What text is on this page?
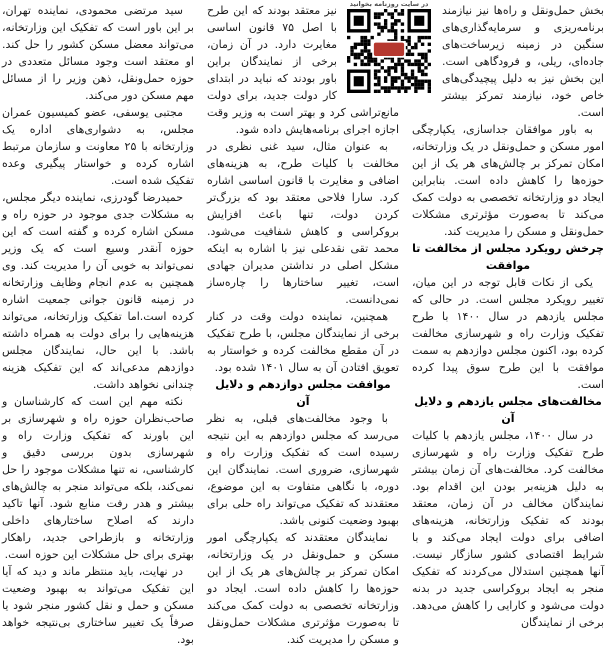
بخش حمل‌ونقل و راه‌ها نیز نیازمند برنامه‌ریزی و سرمایه‌گذاری‌های سنگین در زمینه زیرساخت‌های جاده‌ای، ریلی، و فرودگاهی است. این بخش نیز به دلیل پیچیدگی‌های خاص خود، نیازمند تمرکز بیشتر است.

به باور موافقان جداسازی، یکپارچگی امور مسکن و حمل‌ونقل در یک وزارتخانه، امکان تمرکز بر چالش‌های هر یک از این حوزه‌ها را کاهش داده است. بنابراین ایجاد دو وزارتخانه تخصصی به دولت کمک می‌کند تا به‌صورت مؤثرتری مشکلات حمل‌ونقل و مسکن را مدیریت کند.

چرخش رویکرد مجلس از مخالفت تا موافقت

یکی از نکات قابل توجه در این میان، تغییر رویکرد مجلس است. در حالی که مجلس یازدهم در سال ۱۴۰۰ با طرح تفکیک وزارت راه و شهرسازی مخالفت کرده بود، اکنون مجلس دوازدهم به سمت موافقت با این طرح سوق پیدا کرده است.

مخالفت‌های مجلس یازدهم و دلایل آن

در سال ۱۴۰۰، مجلس یازدهم با کلیات طرح تفکیک وزارت راه و شهرسازی مخالفت کرد. مخالفت‌های آن زمان بیشتر به دلیل هزینه‌بر بودن این اقدام بود. نمایندگان مخالف در آن زمان، معتقد بودند که تفکیک وزارتخانه، هزینه‌های اضافی برای دولت ایجاد می‌کند و با شرایط اقتصادی کشور سازگار نیست. آنها همچنین استدلال می‌کردند که تفکیک منجر به ایجاد بروکراسی جدید در بدنه دولت می‌شود و کارایی را کاهش می‌دهد. برخی از نمایندگان

نیز معتقد بودند که این طرح با اصل ۷۵ قانون اساسی مغایرت دارد. در آن زمان، برخی از نمایندگان براین باور بودند که نباید در ابتدای کار دولت جدید، برای دولت مانع‌تراشی کرد و بهتر است به وزیر وقت اجازه اجرای برنامه‌هایش داده شود.

به عنوان مثال، سید غنی نظری در مخالفت با کلیات طرح، به هزینه‌های اضافی و مغایرت با قانون اساسی اشاره کرد. سارا فلاحی معتقد بود که بزرگ‌تر کردن دولت، تنها باعث افزایش بروکراسی و کاهش شفافیت می‌شود. محمد تقی نقدعلی نیز با اشاره به اینکه مشکل اصلی در نداشتن مدیران جهادی است، تغییر ساختارها را چاره‌ساز نمی‌دانست.

همچنین، نماینده دولت وقت در کنار برخی از نمایندگان مجلس، با طرح تفکیک در آن مقطع مخالفت کرده و خواستار به تعویق افتادن آن به سال ۱۴۰۱ شده بود.

موافقت مجلس دوازدهم و دلایل آن

با وجود مخالفت‌های قبلی، به نظر می‌رسد که مجلس دوازدهم به این نتیجه رسیده است که تفکیک وزارت راه و شهرسازی، ضروری است. نمایندگان این دوره، با نگاهی متفاوت به این موضوع، معتقدند که تفکیک می‌تواند راه حلی برای بهبود وضعیت کنونی باشد.

نمایندگان معتقدند که یکپارچگی امور مسکن و حمل‌ونقل در یک وزارتخانه، امکان تمرکز بر چالش‌های هر یک از این حوزه‌ها را کاهش داده است. ایجاد دو وزارتخانه تخصصی به دولت کمک می‌کند تا به‌صورت مؤثرتری مشکلات حمل‌ونقل و مسکن را مدیریت کند.

سید مرتضی محمودی، نماینده تهران، بر این باور است که تفکیک این وزارتخانه، می‌تواند معضل مسکن کشور را حل کند. او معتقد است وجود مسائل متعددی در حوزه حمل‌ونقل، ذهن وزیر را از مسائل مهم مسکن دور می‌کند.

مجتبی یوسفی، عضو کمیسیون عمران مجلس، به دشواری‌های اداره یک وزارتخانه با ۲۵ معاونت و سازمان مرتبط اشاره کرده و خواستار پیگیری وعده تفکیک شده است.

حمیدرضا گودرزی، نماینده دیگر مجلس، به مشکلات جدی موجود در حوزه راه و مسکن اشاره کرده و گفته است که این حوزه آنقدر وسیع است که یک وزیر نمی‌تواند به خوبی آن را مدیریت کند. وی همچنین به عدم انجام وظایف وزارتخانه در زمینه قانون جوانی جمعیت اشاره کرده است.اما تفکیک وزارتخانه، می‌تواند هزینه‌هایی را برای دولت به همراه داشته باشد. با این حال، نمایندگان مجلس دوازدهم مدعی‌اند که این تفکیک هزینه چندانی نخواهد داشت.

نکته مهم این است که کارشناسان و صاحب‌نظران حوزه راه و شهرسازی بر این باورند که تفکیک وزارت راه و شهرسازی بدون بررسی دقیق و کارشناسی، نه تنها مشکلات موجود را حل نمی‌کند، بلکه می‌تواند منجر به چالش‌های بیشتر و هدر رفت منابع شود. آنها تاکید دارند که اصلاح ساختارهای داخلی وزارتخانه و بازطراحی جدید، راهکار بهتری برای حل مشکلات این حوزه است.

در نهایت، باید منتظر ماند و دید که آیا این تفکیک می‌تواند به بهبود وضعیت مسکن و حمل و نقل کشور منجر شود یا صرفاً یک تغییر ساختاری بی‌نتیجه خواهد بود.

در سایت روزنامه بخوانید
